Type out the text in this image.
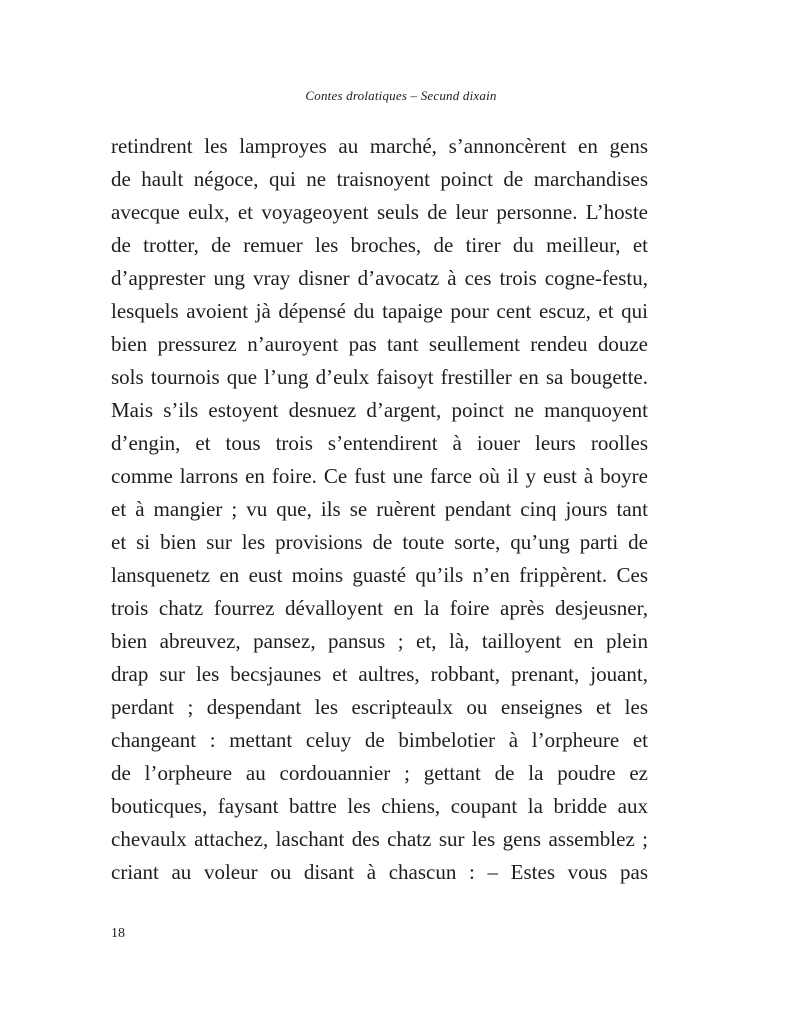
Contes drolatiques – Secund dixain
retindrent les lamproyes au marché, s’annoncèrent en gens
de hault négoce, qui ne traisnoyent poinct de marchandises
avecque eulx, et voyageoyent seuls de leur personne. L’hoste
de trotter, de remuer les broches, de tirer du meilleur, et
d’apprester ung vray disner d’avocatz à ces trois cogne-festu,
lesquels avoient jà dépensé du tapaige pour cent escuz, et qui
bien pressurez n’auroyent pas tant seullement rendeu douze
sols tournois que l’ung d’eulx faisoyt frestiller en sa bougette.
Mais s’ils estoyent desnuez d’argent, poinct ne manquoyent
d’engin, et tous trois s’entendirent à iouer leurs roolles
comme larrons en foire. Ce fust une farce où il y eust à boyre
et à mangier ; vu que, ils se ruèrent pendant cinq jours tant
et si bien sur les provisions de toute sorte, qu’ung parti de
lansquenetz en eust moins guasté qu’ils n’en frippèrent. Ces
trois chatz fourrez dévalloyent en la foire après desjeusner,
bien abreuvez, pansez, pansus ; et, là, tailloyent en plein
drap sur les becsjaunes et aultres, robbant, prenant, jouant,
perdant ; despendant les escripteaulx ou enseignes et les
changeant : mettant celuy de bimbelotier à l’orpheure et
de l’orpheure au cordouannier ; gettant de la poudre ez
bouticques, faysant battre les chiens, coupant la bridde aux
chevaulx attachez, laschant des chatz sur les gens assemblez ;
criant au voleur ou disant à chascun : – Estes vous pas
18
